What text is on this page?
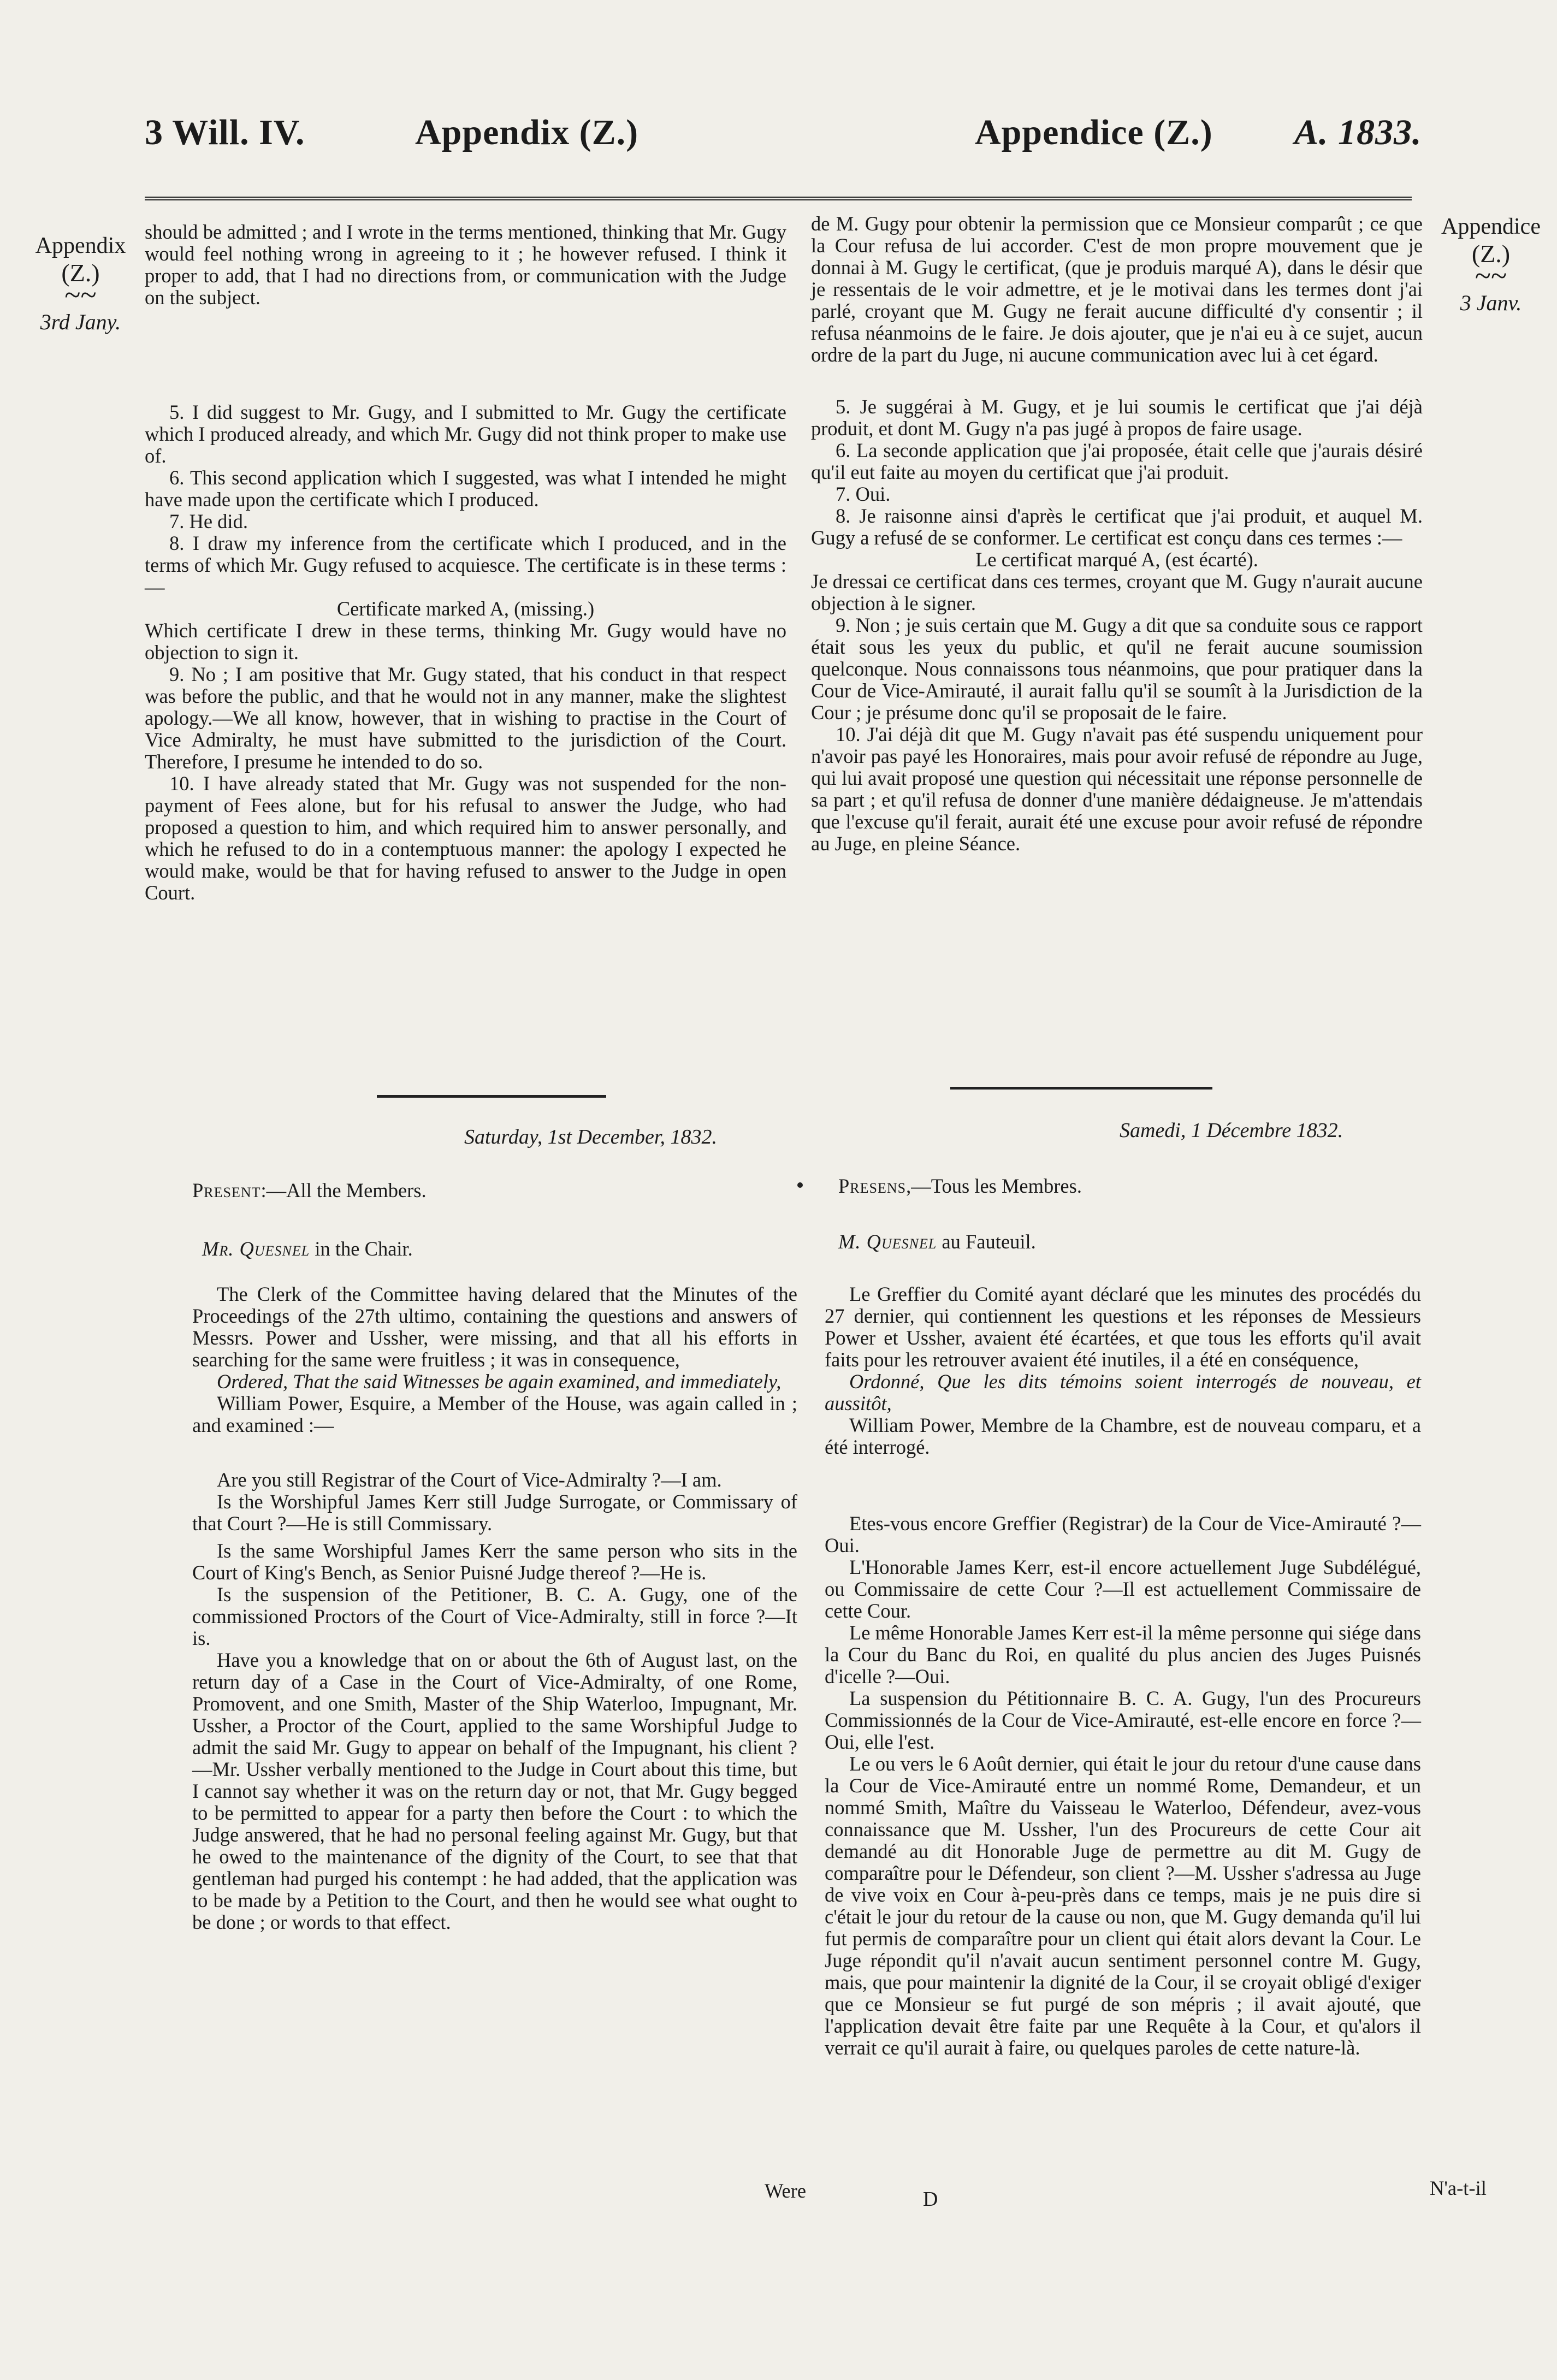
3 Will. IV.	Appendix (Z.)	Appendice (Z.) A. 1833.
Appendix
(Z.)
~~
3rd Jany.
Appendice
(Z.)
~~
3 Janv.

should be admitted ; and I wrote in the terms mentioned, thinking that Mr. Gugy would feel nothing wrong in agreeing to it ; he however refused. I think it proper to add, that I had no directions from, or communication with the Judge on the subject.

5. I did suggest to Mr. Gugy, and I submitted to Mr. Gugy the certificate which I produced already, and which Mr. Gugy did not think proper to make use of.

6. This second application which I suggested, was what I intended he might have made upon the certificate which I produced.

7. He did.

8. I draw my inference from the certificate which I produced, and in the terms of which Mr. Gugy refused to acquiesce. The certificate is in these terms :—

Certificate marked A, (missing.)

Which certificate I drew in these terms, thinking Mr. Gugy would have no objection to sign it.

9. No ; I am positive that Mr. Gugy stated, that his conduct in that respect was before the public, and that he would not in any manner, make the slightest apology.—We all know, however, that in wishing to practise in the Court of Vice Admiralty, he must have submitted to the jurisdiction of the Court. Therefore, I presume he intended to do so.

10. I have already stated that Mr. Gugy was not suspended for the non-payment of Fees alone, but for his refusal to answer the Judge, who had proposed a question to him, and which required him to answer personally, and which he refused to do in a contemptuous manner: the apology I expected he would make, would be that for having refused to answer to the Judge in open Court.

de M. Gugy pour obtenir la permission que ce Monsieur comparût ; ce que la Cour refusa de lui accorder. C'est de mon propre mouvement que je donnai à M. Gugy le certificat, (que je produis marqué A), dans le désir que je ressentais de le voir admettre, et je le motivai dans les termes dont j'ai parlé, croyant que M. Gugy ne ferait aucune difficulté d'y consentir ; il refusa néanmoins de le faire. Je dois ajouter, que je n'ai eu à ce sujet, aucun ordre de la part du Juge, ni aucune communication avec lui à cet égard.

5. Je suggérai à M. Gugy, et je lui soumis le certificat que j'ai déjà produit, et dont M. Gugy n'a pas jugé à propos de faire usage.

6. La seconde application que j'ai proposée, était celle que j'aurais désiré qu'il eut faite au moyen du certificat que j'ai produit.

7. Oui.

8. Je raisonne ainsi d'après le certificat que j'ai produit, et auquel M. Gugy a refusé de se conformer. Le certificat est conçu dans ces termes :—

Le certificat marqué A, (est écarté).

Je dressai ce certificat dans ces termes, croyant que M. Gugy n'aurait aucune objection à le signer.

9. Non ; je suis certain que M. Gugy a dit que sa conduite sous ce rapport était sous les yeux du public, et qu'il ne ferait aucune soumission quelconque. Nous connaissons tous néanmoins, que pour pratiquer dans la Cour de Vice-Amirauté, il aurait fallu qu'il se soumît à la Jurisdiction de la Cour ; je présume donc qu'il se proposait de le faire.

10. J'ai déjà dit que M. Gugy n'avait pas été suspendu uniquement pour n'avoir pas payé les Honoraires, mais pour avoir refusé de répondre au Juge, qui lui avait proposé une question qui nécessitait une réponse personnelle de sa part ; et qu'il refusa de donner d'une manière dédaigneuse. Je m'attendais que l'excuse qu'il ferait, aurait été une excuse pour avoir refusé de répondre au Juge, en pleine Séance.

Saturday, 1st December, 1832.	Samedi, 1 Décembre 1832.
Present:—All the Members.	Presens,—Tous les Membres.
Mr. Quesnel in the Chair.	M. Quesnel au Fauteuil.

The Clerk of the Committee having delared that the Minutes of the Proceedings of the 27th ultimo, containing the questions and answers of Messrs. Power and Ussher, were missing, and that all his efforts in searching for the same were fruitless ; it was in consequence,

Ordered, That the said Witnesses be again examined, and immediately,

William Power, Esquire, a Member of the House, was again called in ; and examined :—

Are you still Registrar of the Court of Vice-Admiralty ?—I am.

Is the Worshipful James Kerr still Judge Surrogate, or Commissary of that Court ?—He is still Commissary.

Is the same Worshipful James Kerr the same person who sits in the Court of King's Bench, as Senior Puisné Judge thereof ?—He is.

Is the suspension of the Petitioner, B. C. A. Gugy, one of the commissioned Proctors of the Court of Vice-Admiralty, still in force ?—It is.

Have you a knowledge that on or about the 6th of August last, on the return day of a Case in the Court of Vice-Admiralty, of one Rome, Promovent, and one Smith, Master of the Ship Waterloo, Impugnant, Mr. Ussher, a Proctor of the Court, applied to the same Worshipful Judge to admit the said Mr. Gugy to appear on behalf of the Impugnant, his client ?—Mr. Ussher verbally mentioned to the Judge in Court about this time, but I cannot say whether it was on the return day or not, that Mr. Gugy begged to be permitted to appear for a party then before the Court : to which the Judge answered, that he had no personal feeling against Mr. Gugy, but that he owed to the maintenance of the dignity of the Court, to see that that gentleman had purged his contempt : he had added, that the application was to be made by a Petition to the Court, and then he would see what ought to be done ; or words to that effect.

Le Greffier du Comité ayant déclaré que les minutes des procédés du 27 dernier, qui contiennent les questions et les réponses de Messieurs Power et Ussher, avaient été écartées, et que tous les efforts qu'il avait faits pour les retrouver avaient été inutiles, il a été en conséquence,

Ordonné, Que les dits témoins soient interrogés de nouveau, et aussitôt,

William Power, Membre de la Chambre, est de nouveau comparu, et a été interrogé.

Etes-vous encore Greffier (Registrar) de la Cour de Vice-Amirauté ?—Oui.

L'Honorable James Kerr, est-il encore actuellement Juge Subdélégué, ou Commissaire de cette Cour ?—Il est actuellement Commissaire de cette Cour.

Le même Honorable James Kerr est-il la même personne qui siége dans la Cour du Banc du Roi, en qualité du plus ancien des Juges Puisnés d'icelle ?—Oui.

La suspension du Pétitionnaire B. C. A. Gugy, l'un des Procureurs Commissionnés de la Cour de Vice-Amirauté, est-elle encore en force ?—Oui, elle l'est.

Le ou vers le 6 Août dernier, qui était le jour du retour d'une cause dans la Cour de Vice-Amirauté entre un nommé Rome, Demandeur, et un nommé Smith, Maître du Vaisseau le Waterloo, Défendeur, avez-vous connaissance que M. Ussher, l'un des Procureurs de cette Cour ait demandé au dit Honorable Juge de permettre au dit M. Gugy de comparaître pour le Défendeur, son client ?—M. Ussher s'adressa au Juge de vive voix en Cour à-peu-près dans ce temps, mais je ne puis dire si c'était le jour du retour de la cause ou non, que M. Gugy demanda qu'il lui fut permis de comparaître pour un client qui était alors devant la Cour. Le Juge répondit qu'il n'avait aucun sentiment personnel contre M. Gugy, mais, que pour maintenir la dignité de la Cour, il se croyait obligé d'exiger que ce Monsieur se fut purgé de son mépris ; il avait ajouté, que l'application devait être faite par une Requête à la Cour, et qu'alors il verrait ce qu'il aurait à faire, ou quelques paroles de cette nature-là.

Were	N'a-t-il
D
